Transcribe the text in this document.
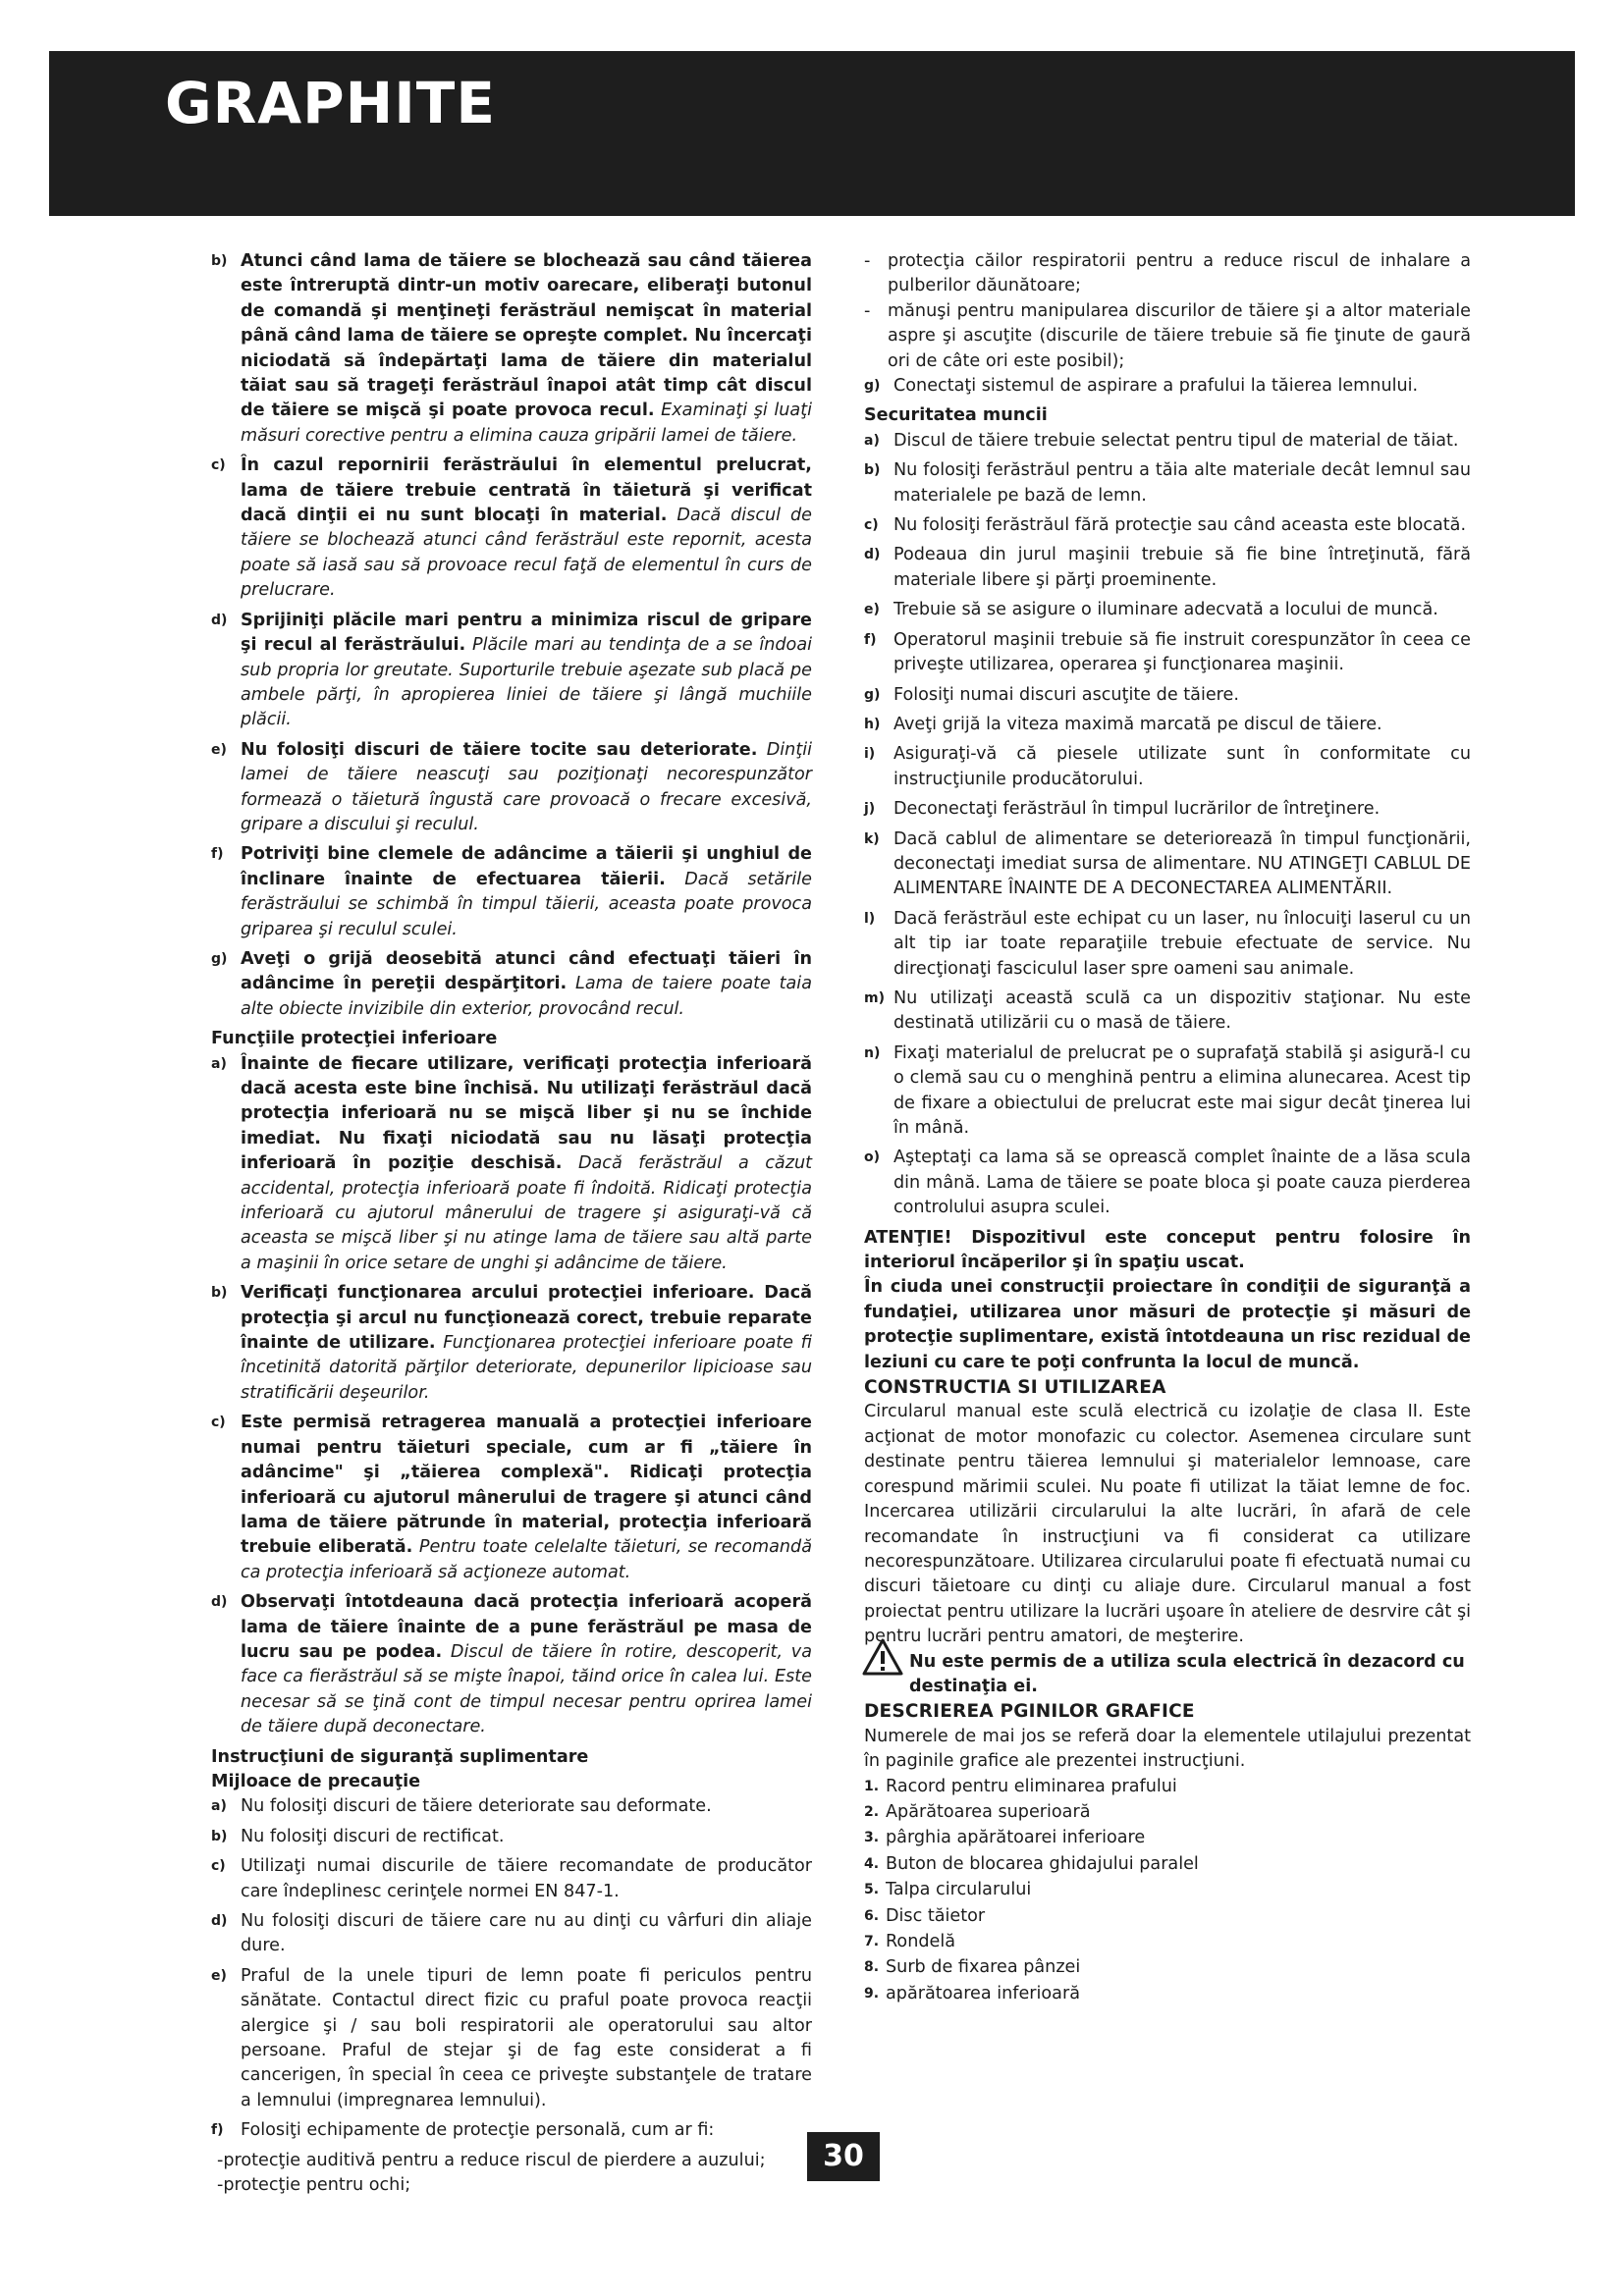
GRAPHITE
b) Atunci când lama de tăiere se blochează sau când tăierea este întreruptă dintr-un motiv oarecare, eliberaţi butonul de comandă şi menţineţi ferăstrăul nemişcat în material până când lama de tăiere se opreşte complet. Nu încercaţi niciodată să îndepărtaţi lama de tăiere din materialul tăiat sau să trageţi ferăstrăul înapoi atât timp cât discul de tăiere se mişcă şi poate provoca recul. Examinaţi şi luaţi măsuri corective pentru a elimina cauza gripării lamei de tăiere.
c) În cazul repornirii ferăstrăului în elementul prelucrat, lama de tăiere trebuie centrată în tăietură şi verificat dacă dinţii ei nu sunt blocaţi în material. Dacă discul de tăiere se blochează atunci când ferăstrăul este repornit, acesta poate să iasă sau să provoace recul faţă de elementul în curs de prelucrare.
d) Sprijiniţi plăcile mari pentru a minimiza riscul de gripare şi recul al ferăstrăului. Plăcile mari au tendinţa de a se îndoai sub propria lor greutate. Suporturile trebuie aşezate sub placă pe ambele părţi, în apropierea liniei de tăiere şi lângă muchiile plăcii.
e) Nu folosiţi discuri de tăiere tocite sau deteriorate. Dinţii lamei de tăiere neascuţi sau poziţionaţi necorespunzător formează o tăietură îngustă care provoacă o frecare excesivă, gripare a discului şi reculul.
f) Potriviţi bine clemele de adâncime a tăierii şi unghiul de înclinare înainte de efectuarea tăierii. Dacă setările ferăstrăului se schimbă în timpul tăierii, aceasta poate provoca griparea şi reculul sculei.
g) Aveţi o grijă deosebită atunci când efectuaţi tăieri în adâncime în pereţii despărţitori. Lama de taiere poate taia alte obiecte invizibile din exterior, provocând recul.
Funcţiile protecţiei inferioare
a) Înainte de fiecare utilizare, verificaţi protecţia inferioară dacă acesta este bine închisă. Nu utilizaţi ferăstrăul dacă protecţia inferioară nu se mişcă liber şi nu se închide imediat. Nu fixaţi niciodată sau nu lăsaţi protecţia inferioară în poziţie deschisă. Dacă ferăstrăul a căzut accidental, protecţia inferioară poate fi îndoită. Ridicaţi protecţia inferioară cu ajutorul mânerului de tragere şi asiguraţi-vă că aceasta se mişcă liber şi nu atinge lama de tăiere sau altă parte a maşinii în orice setare de unghi şi adâncime de tăiere.
b) Verificaţi funcţionarea arcului protecţiei inferioare. Dacă protecţia şi arcul nu funcţionează corect, trebuie reparate înainte de utilizare. Funcţionarea protecţiei inferioare poate fi încetinită datorită părţilor deteriorate, depunerilor lipicioase sau stratificării deşeurilor.
c) Este permisă retragerea manuală a protecţiei inferioare numai pentru tăieturi speciale, cum ar fi „tăiere în adâncime" şi „tăierea complexă". Ridicaţi protecţia inferioară cu ajutorul mânerului de tragere şi atunci când lama de tăiere pătrunde în material, protecţia inferioară trebuie eliberată. Pentru toate celelalte tăieturi, se recomandă ca protecţia inferioară să acţioneze automat.
d) Observaţi întotdeauna dacă protecţia inferioară acoperă lama de tăiere înainte de a pune ferăstrăul pe masa de lucru sau pe podea. Discul de tăiere în rotire, descoperit, va face ca fierăstrăul să se mişte înapoi, tăind orice în calea lui. Este necesar să se ţină cont de timpul necesar pentru oprirea lamei de tăiere după deconectare.
Instrucţiuni de siguranţă suplimentare
Mijloace de precauţie
a) Nu folosiţi discuri de tăiere deteriorate sau deformate.
b) Nu folosiţi discuri de rectificat.
c) Utilizaţi numai discurile de tăiere recomandate de producător care îndeplinesc cerinţele normei EN 847-1.
d) Nu folosiţi discuri de tăiere care nu au dinţi cu vârfuri din aliaje dure.
e) Praful de la unele tipuri de lemn poate fi periculos pentru sănătate. Contactul direct fizic cu praful poate provoca reacţii alergice şi / sau boli respiratorii ale operatorului sau altor persoane. Praful de stejar şi de fag este considerat a fi cancerigen, în special în ceea ce priveşte substanţele de tratare a lemnului (impregnarea lemnului).
f) Folosiţi echipamente de protecţie personală, cum ar fi:
-protecţie auditivă pentru a reduce riscul de pierdere a auzului;
-protecţie pentru ochi;
- protecţia căilor respiratorii pentru a reduce riscul de inhalare a pulberilor dăunătoare;
- mănuşi pentru manipularea discurilor de tăiere şi a altor materiale aspre şi ascuţite (discurile de tăiere trebuie să fie ţinute de gaură ori de câte ori este posibil);
g) Conectaţi sistemul de aspirare a prafului la tăierea lemnului.
Securitatea muncii
a) Discul de tăiere trebuie selectat pentru tipul de material de tăiat.
b) Nu folosiţi ferăstrăul pentru a tăia alte materiale decât lemnul sau materialele pe bază de lemn.
c) Nu folosiţi ferăstrăul fără protecţie sau când aceasta este blocată.
d) Podeaua din jurul maşinii trebuie să fie bine întreţinută, fără materiale libere şi părţi proeminente.
e) Trebuie să se asigure o iluminare adecvată a locului de muncă.
f) Operatorul maşinii trebuie să fie instruit corespunzător în ceea ce priveşte utilizarea, operarea şi funcţionarea maşinii.
g) Folosiţi numai discuri ascuţite de tăiere.
h) Aveţi grijă la viteza maximă marcată pe discul de tăiere.
i) Asiguraţi-vă că piesele utilizate sunt în conformitate cu instrucţiunile producătorului.
j) Deconectaţi ferăstrăul în timpul lucrărilor de întreţinere.
k) Dacă cablul de alimentare se deteriorează în timpul funcţionării, deconectaţi imediat sursa de alimentare. NU ATINGEŢI CABLUL DE ALIMENTARE ÎNAINTE DE A DECONECTAREA ALIMENTĂRII.
l) Dacă ferăstrăul este echipat cu un laser, nu înlocuiţi laserul cu un alt tip iar toate reparaţiile trebuie efectuate de service. Nu direcţionaţi fasciculul laser spre oameni sau animale.
m) Nu utilizaţi această sculă ca un dispozitiv staţionar. Nu este destinată utilizării cu o masă de tăiere.
n) Fixaţi materialul de prelucrat pe o suprafaţă stabilă şi asigură-l cu o clemă sau cu o menghină pentru a elimina alunecarea. Acest tip de fixare a obiectului de prelucrat este mai sigur decât ţinerea lui în mână.
o) Aşteptaţi ca lama să se oprească complet înainte de a lăsa scula din mână. Lama de tăiere se poate bloca şi poate cauza pierderea controlului asupra sculei.

ATENŢIE! Dispozitivul este conceput pentru folosire în interiorul încăperilor şi în spaţiu uscat.

În ciuda unei construcţii proiectare în condiţii de siguranţă a fundaţiei, utilizarea unor măsuri de protecţie şi măsuri de protecţie suplimentare, există întotdeauna un risc rezidual de leziuni cu care te poţi confrunta la locul de muncă.

CONSTRUCTIA SI UTILIZAREA

Circularul manual este sculă electrică cu izolaţie de clasa II. Este acţionat de motor monofazic cu colector. Asemenea circulare sunt destinate pentru tăierea lemnului şi materialelor lemnoase, care corespund mărimii sculei. Nu poate fi utilizat la tăiat lemne de foc. Incercarea utilizării circularului la alte lucrări, în afară de cele recomandate în instrucţiuni va fi considerat ca utilizare necorespunzătoare. Utilizarea circularului poate fi efectuată numai cu discuri tăietoare cu dinţi cu aliaje dure. Circularul manual a fost proiectat pentru utilizare la lucrări uşoare în ateliere de desrvire cât şi pentru lucrări pentru amatori, de meşterire.

Nu este permis de a utiliza scula electrică în dezacord cu destinaţia ei.
DESCRIEREA PGINILOR GRAFICE

Numerele de mai jos se referă doar la elementele utilajului prezentat în paginile grafice ale prezentei instrucţiuni.

1. Racord pentru eliminarea prafului
2. Apărătoarea superioară
3. pârghia apărătoarei inferioare
4. Buton de blocarea ghidajului paralel
5. Talpa circularului
6. Disc tăietor
7. Rondelă
8. Surb de fixarea pânzei
9. apărătoarea inferioară
30
